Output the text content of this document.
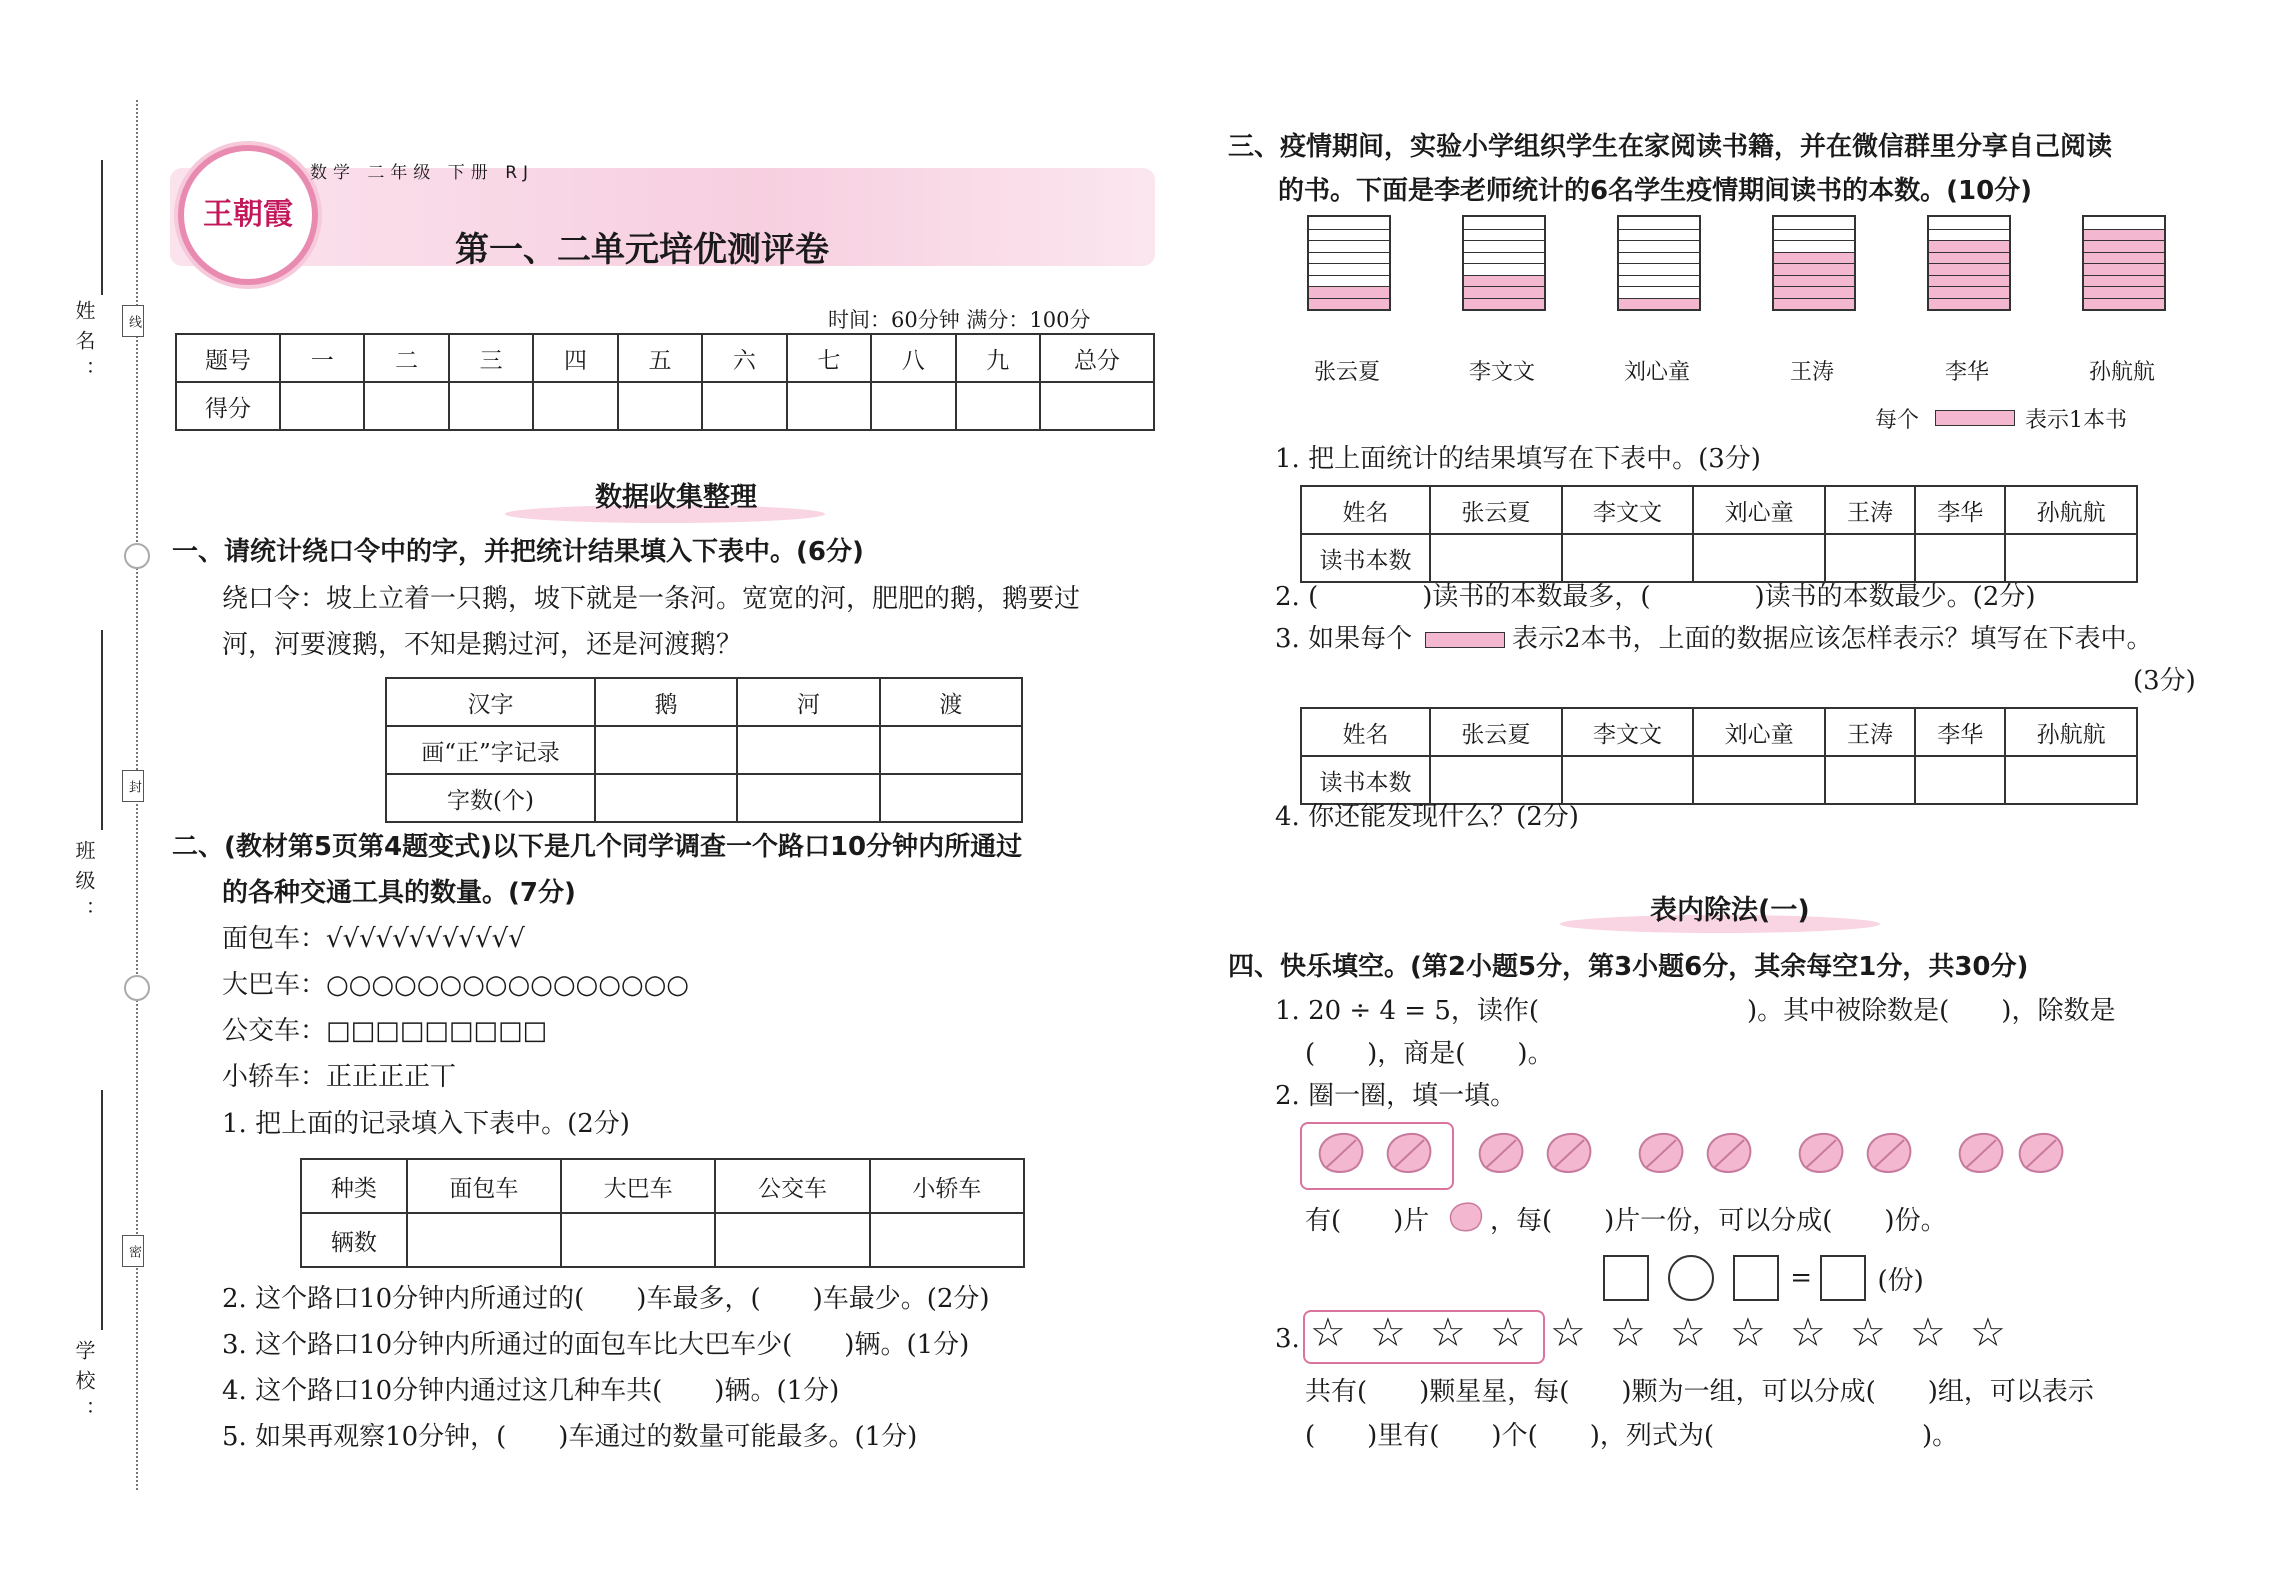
姓名：
班级：
学校：
线
封
密
王朝霞
数学 二年级 下册 RJ
第一、二单元培优测评卷
时间：60分钟 满分：100分
题号	一	二	三	四	五	六	七	八	九	总分
得分										
数据收集整理
一、请统计绕口令中的字，并把统计结果填入下表中。(6分)
绕口令：坡上立着一只鹅，坡下就是一条河。宽宽的河，肥肥的鹅，鹅要过
河，河要渡鹅，不知是鹅过河，还是河渡鹅？
汉字	鹅	河	渡
画“正”字记录			
字数(个)			
二、(教材第5页第4题变式)以下是几个同学调查一个路口10分钟内所通过
的各种交通工具的数量。(7分)
面包车：√√√√√√√√√√√√
大巴车：○○○○○○○○○○○○○○○○
公交车：□□□□□□□□□
小轿车：正正正正丅
1. 把上面的记录填入下表中。(2分)
种类	面包车	大巴车	公交车	小轿车
辆数				
2. 这个路口10分钟内所通过的(　　)车最多，(　　)车最少。(2分)
3. 这个路口10分钟内所通过的面包车比大巴车少(　　)辆。(1分)
4. 这个路口10分钟内通过这几种车共(　　)辆。(1分)
5. 如果再观察10分钟，(　　)车通过的数量可能最多。(1分)
三、疫情期间，实验小学组织学生在家阅读书籍，并在微信群里分享自己阅读
的书。下面是李老师统计的6名学生疫情期间读书的本数。(10分)
张云夏	李文文	刘心童	王涛	李华	孙航航
每个	表示1本书
1. 把上面统计的结果填写在下表中。(3分)
姓名	张云夏	李文文	刘心童	王涛	李华	孙航航
读书本数						
2. (　　　　)读书的本数最多，(　　　　)读书的本数最少。(2分)
3. 如果每个	表示2本书，上面的数据应该怎样表示？填写在下表中。
(3分)
姓名	张云夏	李文文	刘心童	王涛	李华	孙航航
读书本数						
4. 你还能发现什么？(2分)
表内除法(一)
四、快乐填空。(第2小题5分，第3小题6分，其余每空1分，共30分)
1. 20 ÷ 4 = 5，读作(　　　　　　　　)。其中被除数是(　　)，除数是
(　　)，商是(　　)。
2. 圈一圈，填一填。
有(　　)片 ，每(　　)片一份，可以分成(　　)份。
=  (份)
3. ☆ ☆ ☆ ☆ ☆ ☆ ☆ ☆ ☆ ☆ ☆ ☆
共有(　　)颗星星，每(　　)颗为一组，可以分成(　　)组，可以表示
(　　)里有(　　)个(　　)，列式为(　　　　　　　　)。
